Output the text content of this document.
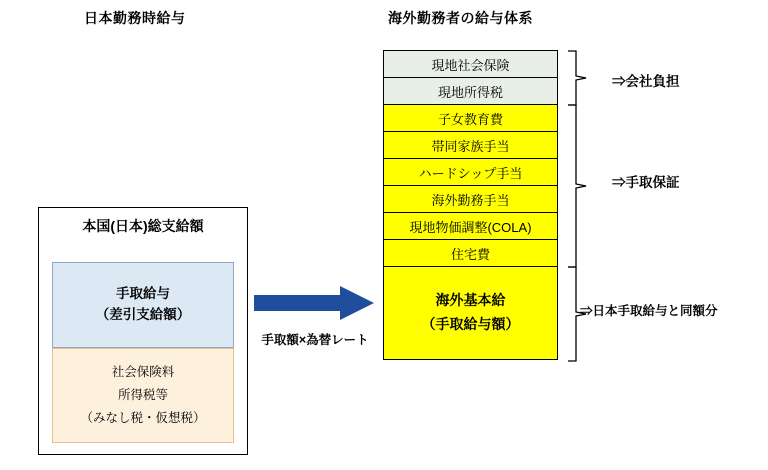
日本勤務時給与	海外勤務者の給与体系
本国(日本)総支給額
手取給与
（差引支給額）
社会保険料
所得税等
（みなし税・仮想税）
手取額×為替レート
現地社会保険
現地所得税
子女教育費
帯同家族手当
ハードシップ手当
海外勤務手当
現地物価調整(COLA)
住宅費
海外基本給
（手取給与額）
⇒会社負担
⇒手取保証
⇒日本手取給与と同額分
